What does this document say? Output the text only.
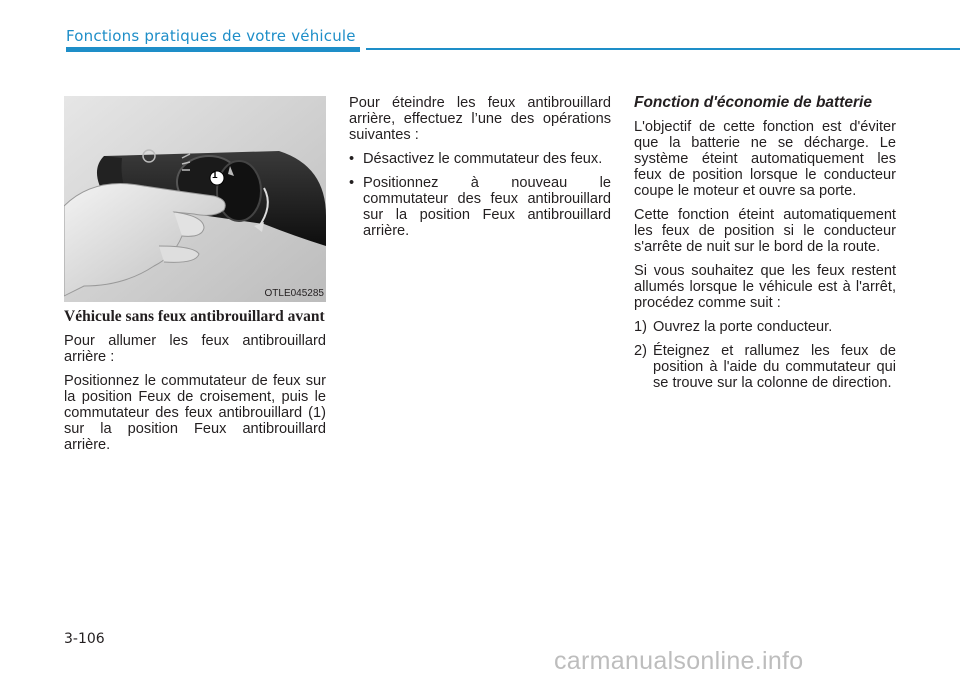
Fonctions pratiques de votre véhicule
1
OTLE045285

Véhicule sans feux antibrouillard avant

Pour allumer les feux antibrouillard arrière :

Positionnez le commutateur de feux sur la position Feux de croisement, puis le commutateur des feux antibrouillard (1) sur la position Feux antibrouillard arrière.

Pour éteindre les feux antibrouillard arrière, effectuez l’une des opérations suivantes :

• Désactivez le commutateur des feux.
• Positionnez à nouveau le commutateur des feux antibrouillard sur la position Feux antibrouillard arrière.

Fonction d'économie de batterie

L'objectif de cette fonction est d'éviter que la batterie ne se décharge. Le système éteint automatiquement les feux de position lorsque le conducteur coupe le moteur et ouvre sa porte.

Cette fonction éteint automatiquement les feux de position si le conducteur s'arrête de nuit sur le bord de la route.

Si vous souhaitez que les feux restent allumés lorsque le véhicule est à l'arrêt, procédez comme suit :

1) Ouvrez la porte conducteur.
2) Éteignez et rallumez les feux de position à l'aide du commutateur qui se trouve sur la colonne de direction.
3-106
carmanualsonline.info
